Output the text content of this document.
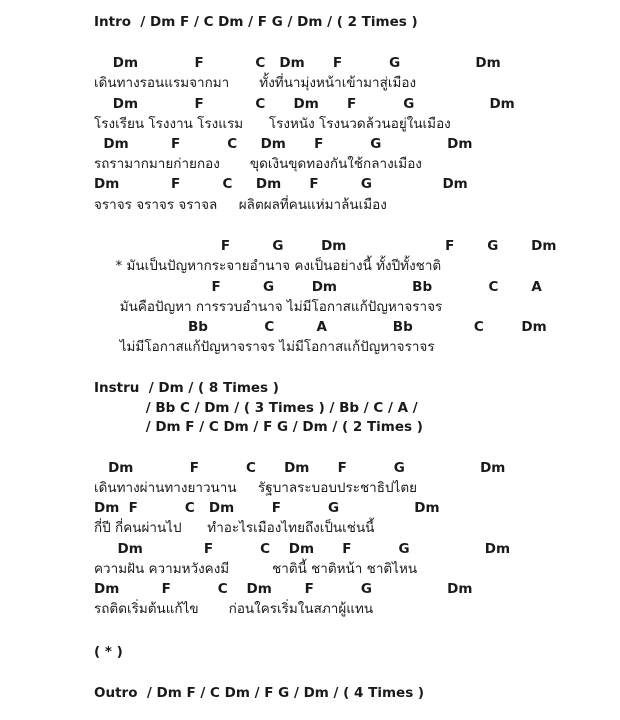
Intro  / Dm F / C Dm / F G / Dm / ( 2 Times )

Dm            F           C   Dm      F          G                Dm

เดินทางรอนแรมจากมา       ทั้งที่นามุ่งหน้าเข้ามาสู่เมือง

Dm            F           C      Dm      F          G                Dm

โรงเรียน โรงงาน โรงแรม      โรงหนัง โรงนวดล้วนอยู่ในเมือง

Dm         F          C     Dm      F          G              Dm

รถรามากมายก่ายกอง       ขุดเงินขุดทองกันใช้กลางเมือง

Dm           F         C     Dm      F         G               Dm

จราจร จราจร จราจล     ผลิตผลที่คนแห่มาล้นเมือง

F         G        Dm                     F       G       Dm

* มันเป็นปัญหากระจายอำนาจ คงเป็นอย่างนี้ ทั้งปีทั้งชาติ

F         G        Dm                Bb            C       A

มันคือปัญหา การรวบอำนาจ ไม่มีโอกาสแก้ปัญหาจราจร

Bb            C         A              Bb             C        Dm

ไม่มีโอกาสแก้ปัญหาจราจร ไม่มีโอกาสแก้ปัญหาจราจร

Instru  / Dm / ( 8 Times )

/ Bb C / Dm / ( 3 Times ) / Bb / C / A /

/ Dm F / C Dm / F G / Dm / ( 2 Times )

Dm            F          C      Dm      F          G                Dm

เดินทางผ่านทางยาวนาน     รัฐบาลระบอบประชาธิปไตย

Dm  F          C   Dm        F          G                Dm

กี่ปี กี่คนผ่านไป      ทำอะไรเมืองไทยถึงเป็นเช่นนี้

Dm             F          C    Dm      F          G                Dm

ความฝัน ความหวังคงมี          ชาตินี้ ชาติหน้า ชาติไหน

Dm         F          C    Dm       F          G                Dm

รถติดเริ่มต้นแก้ไข       ก่อนใครเริ่มในสภาผู้แทน

( * )

Outro  / Dm F / C Dm / F G / Dm / ( 4 Times )
